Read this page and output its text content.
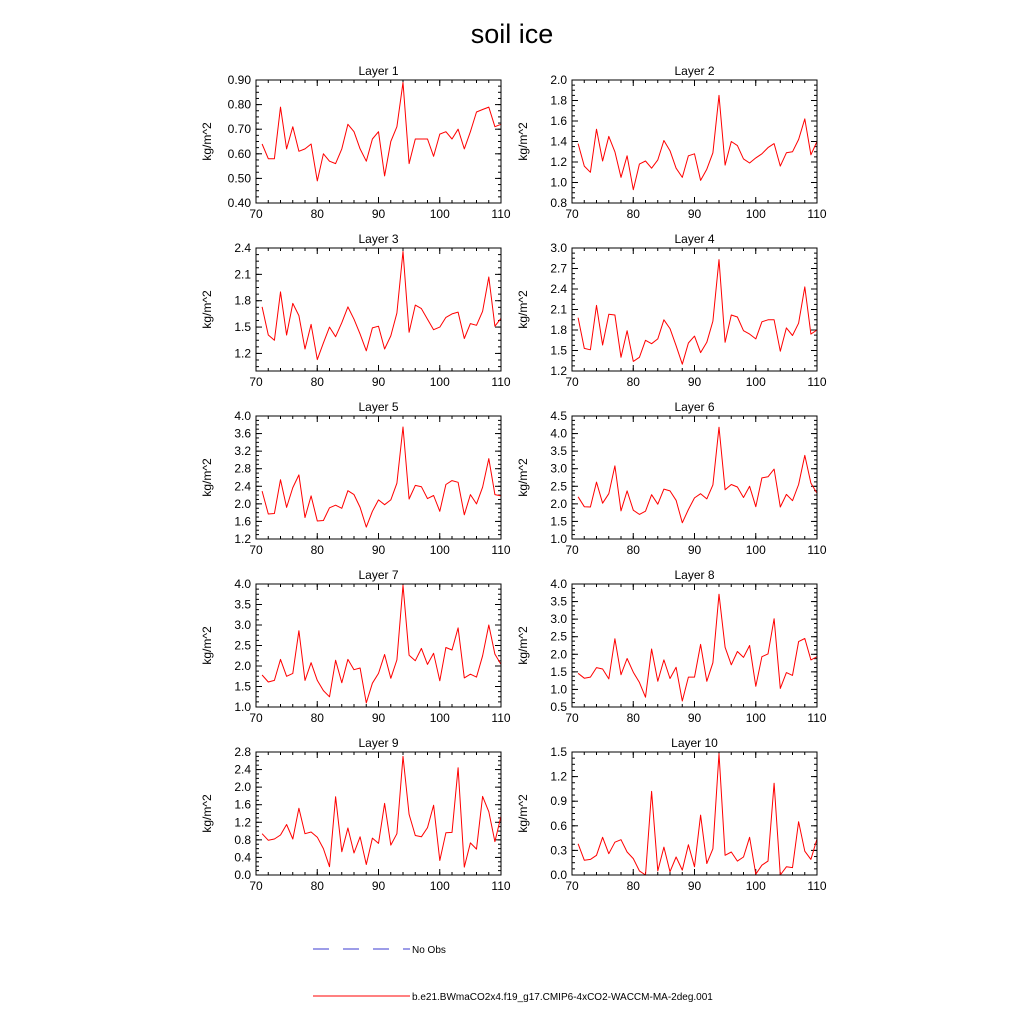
soil ice
Layer 1
kg/m^2
70	80	90	100	110
0.40
0.50
0.60
0.70
0.80
0.90
Layer 2
kg/m^2
70	80	90	100	110
0.8
1.0
1.2
1.4
1.6
1.8
2.0
Layer 3
kg/m^2
70	80	90	100	110
1.2
1.5
1.8
2.1
2.4
Layer 4
kg/m^2
70	80	90	100	110
1.2
1.5
1.8
2.1
2.4
2.7
3.0
Layer 5
kg/m^2
70	80	90	100	110
1.2
1.6
2.0
2.4
2.8
3.2
3.6
4.0
Layer 6
kg/m^2
70	80	90	100	110
1.0
1.5
2.0
2.5
3.0
3.5
4.0
4.5
Layer 7
kg/m^2
70	80	90	100	110
1.0
1.5
2.0
2.5
3.0
3.5
4.0
Layer 8
kg/m^2
70	80	90	100	110
0.5
1.0
1.5
2.0
2.5
3.0
3.5
4.0
Layer 9
kg/m^2
70	80	90	100	110
0.0
0.4
0.8
1.2
1.6
2.0
2.4
2.8
Layer 10
kg/m^2
70	80	90	100	110
0.0
0.3
0.6
0.9
1.2
1.5
No Obs
b.e21.BWmaCO2x4.f19_g17.CMIP6-4xCO2-WACCM-MA-2deg.001
